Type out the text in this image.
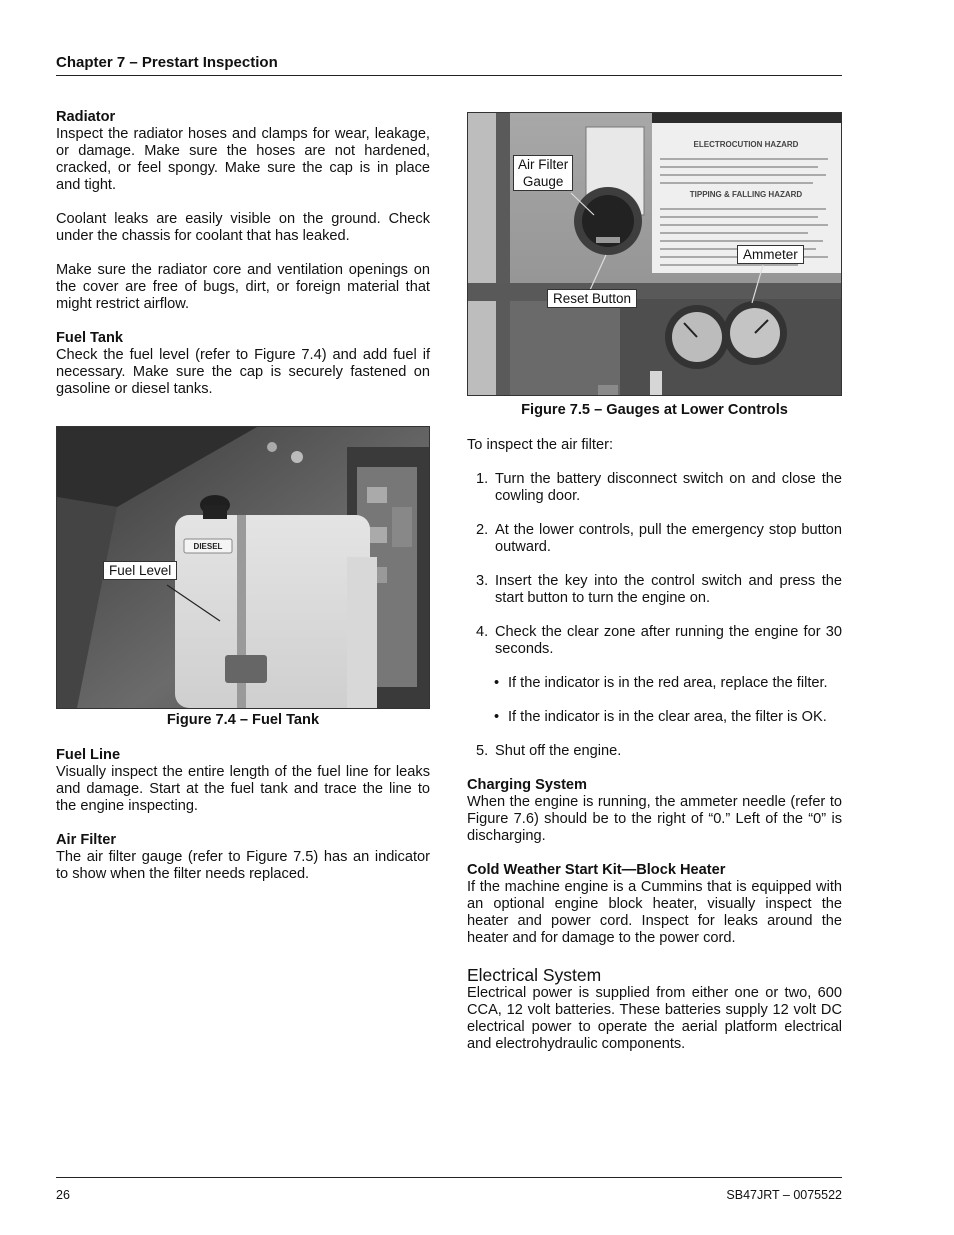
Chapter 7 – Prestart Inspection
Radiator

Inspect the radiator hoses and clamps for wear, leakage, or damage. Make sure the hoses are not hardened, cracked, or feel spongy. Make sure the cap is in place and tight.

Coolant leaks are easily visible on the ground. Check under the chassis for coolant that has leaked.

Make sure the radiator core and ventilation openings on the cover are free of bugs, dirt, or foreign material that might restrict airflow.

Fuel Tank

Check the fuel level (refer to Figure 7.4) and add fuel if necessary. Make sure the cap is securely fastened on gasoline or diesel tanks.

DIESEL
Fuel Level
Figure 7.4 – Fuel Tank
Fuel Line

Visually inspect the entire length of the fuel line for leaks and damage. Start at the fuel tank and trace the line to the engine inspecting.

Air Filter

The air filter gauge (refer to Figure 7.5) has an indicator to show when the filter needs replaced.

ELECTROCUTION HAZARD
TIPPING & FALLING HAZARD
Air Filter
Gauge
Ammeter
Reset Button
Figure 7.5 – Gauges at Lower Controls

To inspect the air filter:

1. Turn the battery disconnect switch on and close the cowling door.

2. At the lower controls, pull the emergency stop button outward.

3. Insert the key into the control switch and press the start button to turn the engine on.

4. Check the clear zone after running the engine for 30 seconds.

• If the indicator is in the red area, replace the filter.
• If the indicator is in the clear area, the filter is OK.
5. Shut off the engine.

Charging System

When the engine is running, the ammeter needle (refer to Figure 7.6) should be to the right of “0.” Left of the “0” is discharging.

Cold Weather Start Kit—Block Heater

If the machine engine is a Cummins that is equipped with an optional engine block heater, visually inspect the heater and power cord. Inspect for leaks around the heater and for damage to the power cord.

Electrical System

Electrical power is supplied from either one or two, 600 CCA, 12 volt batteries. These batteries supply 12 volt DC electrical power to operate the aerial platform electrical and electrohydraulic components.

26	SB47JRT – 0075522
